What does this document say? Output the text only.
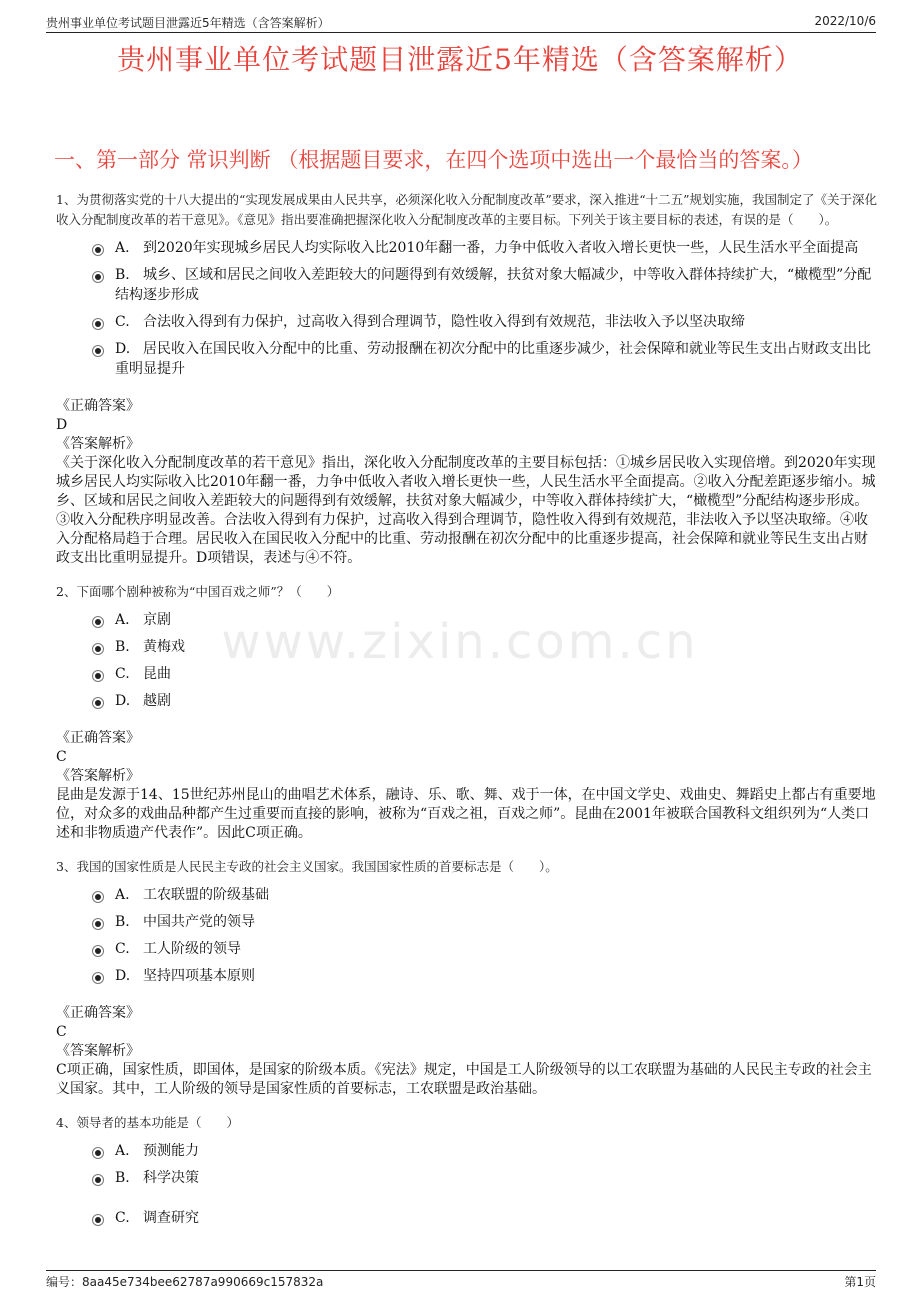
贵州事业单位考试题目泄露近5年精选（含答案解析）	2022/10/6
贵州事业单位考试题目泄露近5年精选（含答案解析）
一、第一部分 常识判断 （根据题目要求，在四个选项中选出一个最恰当的答案。）
www.zixin.com.cn

1、为贯彻落实党的十八大提出的“实现发展成果由人民共享，必须深化收入分配制度改革”要求，深入推进“十二五”规划实施，我国制定了《关于深化收入分配制度改革的若干意见》。《意见》指出要准确把握深化收入分配制度改革的主要目标。下列关于该主要目标的表述，有误的是（　　）。

A. 到2020年实现城乡居民人均实际收入比2010年翻一番，力争中低收入者收入增长更快一些，人民生活水平全面提高
B. 城乡、区域和居民之间收入差距较大的问题得到有效缓解，扶贫对象大幅减少，中等收入群体持续扩大，“橄榄型”分配结构逐步形成
C. 合法收入得到有力保护，过高收入得到合理调节，隐性收入得到有效规范，非法收入予以坚决取缔
D. 居民收入在国民收入分配中的比重、劳动报酬在初次分配中的比重逐步减少，社会保障和就业等民生支出占财政支出比重明显提升

《正确答案》

D

《答案解析》

《关于深化收入分配制度改革的若干意见》指出，深化收入分配制度改革的主要目标包括：①城乡居民收入实现倍增。到2020年实现城乡居民人均实际收入比2010年翻一番，力争中低收入者收入增长更快一些，人民生活水平全面提高。②收入分配差距逐步缩小。城乡、区域和居民之间收入差距较大的问题得到有效缓解，扶贫对象大幅减少，中等收入群体持续扩大，“橄榄型”分配结构逐步形成。③收入分配秩序明显改善。合法收入得到有力保护，过高收入得到合理调节，隐性收入得到有效规范，非法收入予以坚决取缔。④收入分配格局趋于合理。居民收入在国民收入分配中的比重、劳动报酬在初次分配中的比重逐步提高，社会保障和就业等民生支出占财政支出比重明显提升。D项错误，表述与④不符。

2、下面哪个剧种被称为“中国百戏之师”？（　　）

A. 京剧
B. 黄梅戏
C. 昆曲
D. 越剧

《正确答案》

C

《答案解析》

昆曲是发源于14、15世纪苏州昆山的曲唱艺术体系，融诗、乐、歌、舞、戏于一体，在中国文学史、戏曲史、舞蹈史上都占有重要地位，对众多的戏曲品种都产生过重要而直接的影响，被称为“百戏之祖，百戏之师”。昆曲在2001年被联合国教科文组织列为“人类口述和非物质遗产代表作”。因此C项正确。

3、我国的国家性质是人民民主专政的社会主义国家。我国国家性质的首要标志是（　　）。

A. 工农联盟的阶级基础
B. 中国共产党的领导
C. 工人阶级的领导
D. 坚持四项基本原则

《正确答案》

C

《答案解析》

C项正确，国家性质，即国体，是国家的阶级本质。《宪法》规定，中国是工人阶级领导的以工农联盟为基础的人民民主专政的社会主义国家。其中，工人阶级的领导是国家性质的首要标志，工农联盟是政治基础。

4、领导者的基本功能是（　　）

A. 预测能力
B. 科学决策
C. 调查研究
编号：8aa45e734bee62787a990669c157832a	第1页
